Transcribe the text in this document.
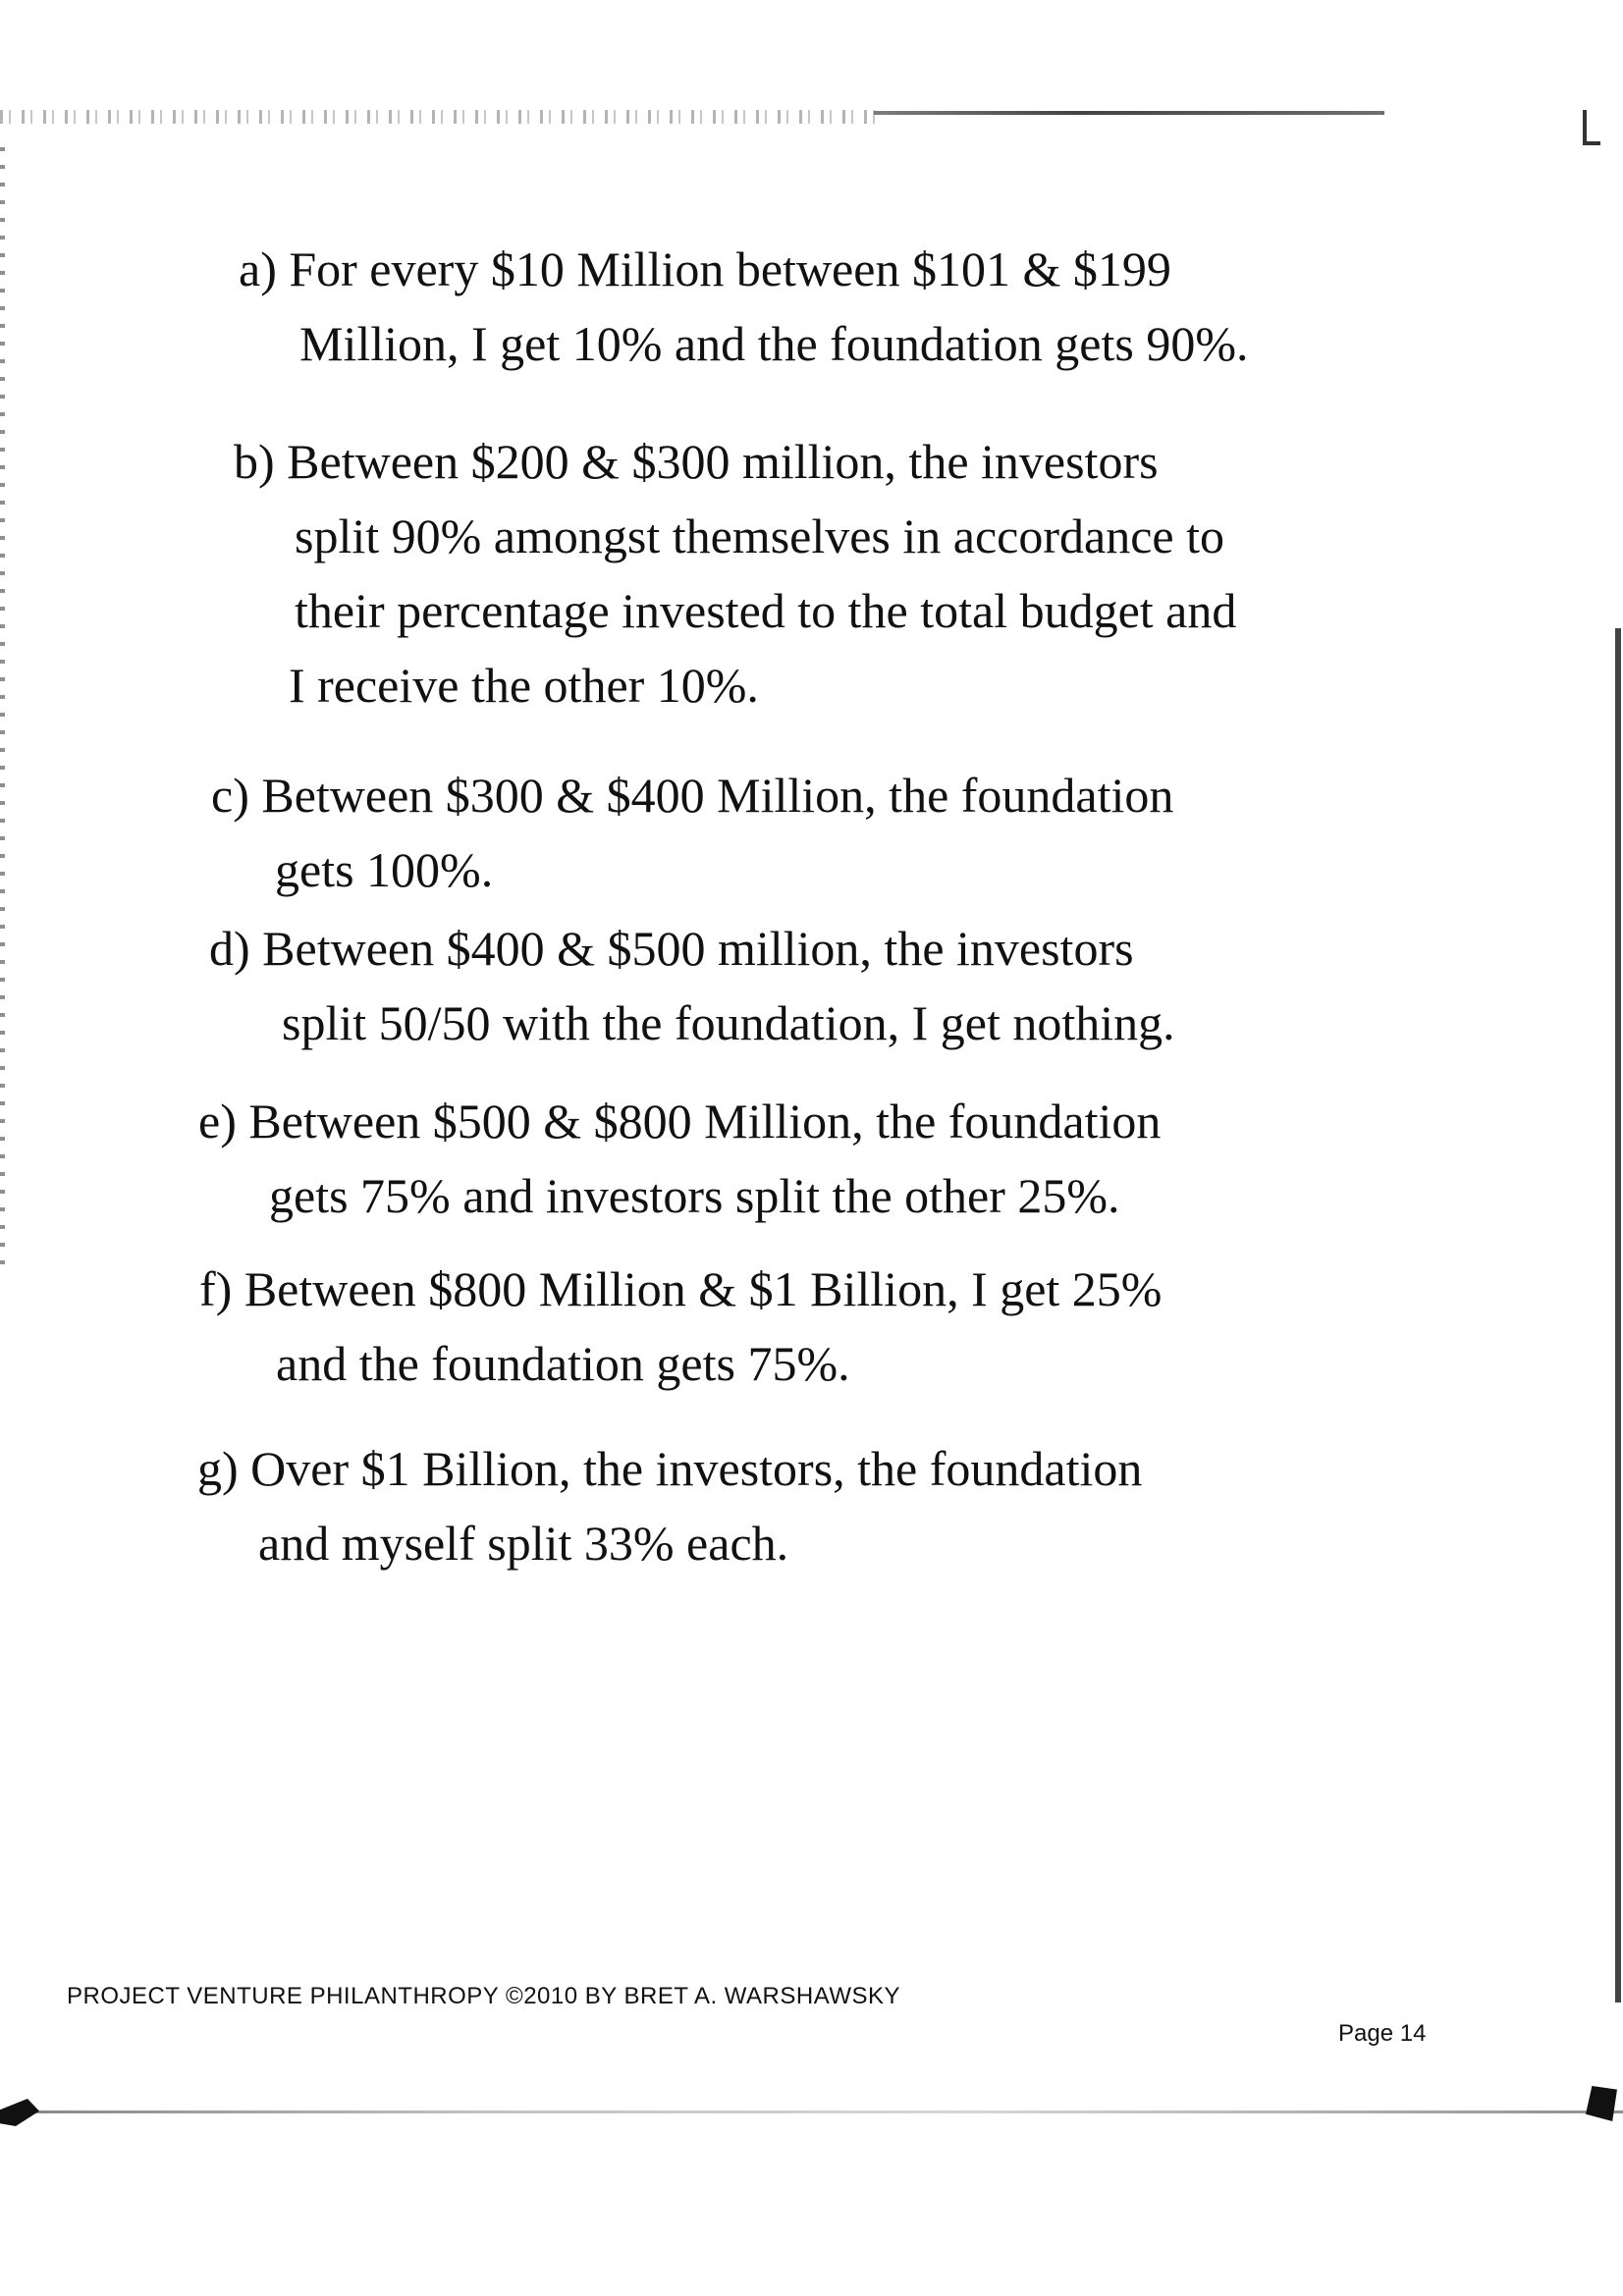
a) For every $10 Million between $101 & $199
Million, I get 10% and the foundation gets 90%.
b) Between $200 & $300 million, the investors
split 90% amongst themselves in accordance to
their percentage invested to the total budget and
I receive the other 10%.
c) Between $300 & $400 Million, the foundation
gets 100%.
d) Between $400 & $500 million, the investors
split 50/50 with the foundation, I get nothing.
e) Between $500 & $800 Million, the foundation
gets 75% and investors split the other 25%.
f) Between $800 Million & $1 Billion, I get 25%
and the foundation gets 75%.
g) Over $1 Billion, the investors, the foundation
and myself split 33% each.
PROJECT VENTURE PHILANTHROPY ©2010 BY BRET A. WARSHAWSKY
Page 14
